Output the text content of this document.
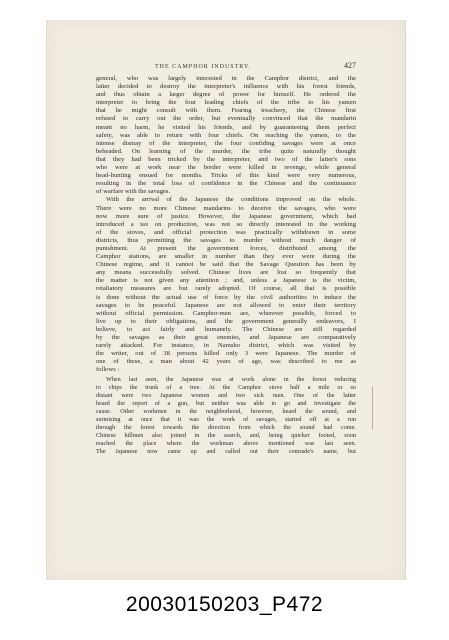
THE CAMPHOR INDUSTRY.	427
general, who was largely interested in the Camphor district, and the
latter decided to destroy the interpreter's influence with his forest friends,
and thus obtain a larger degree of power for himself. He ordered the
interpreter to bring the four leading chiefs of the tribe to his yamen
that he might consult with them. Fearing treachery, the Chinese first
refused to carry out the order, but eventually convinced that the mandarin
meant no harm, he visited his friends, and by guaranteeing them perfect
safety, was able to return with four chiefs. On reaching the yamen, to the
intense dismay of the interpreter, the four confiding savages were at once
beheaded. On learning of the murder, the tribe quite naturally thought
that they had been tricked by the interpreter, and two of the latter's sons
who were at work near the border were killed in revenge, while general
head-hunting ensued for months. Tricks of this kind were very numerous,
resulting in the total loss of confidence in the Chinese and the continuance
of warfare with the savages.
With the arrival of the Japanese the conditions improved on the whole.
There were no more Chinese mandarins to deceive the savages, who were
now more sure of justice. However, the Japanese government, which had
introduced a tax on production, was not so directly interested in the working
of the stoves, and official protection was practically withdrawn in some
districts, thus permitting the savages to murder without much danger of
punishment. At present the government forces, distributed among the
Camphor stations, are smaller in number than they ever were during the
Chinese regime, and it cannot be said that the Savage Question has been by
any means successfully solved. Chinese lives are lost so frequently that
the matter is not given any attention ; and, unless a Japanese is the victim,
retaliatory measures are but rarely adopted. Of course, all that is possible
is done without the actual use of force by the civil authorities to induce the
savages to be peaceful. Japanese are not allowed to enter their territory
without official permission. Camphor-men are, wherever possible, forced to
live up to their obligations, and the government generally endeavors, I
believe, to act fairly and humanely. The Chinese are still regarded
by the savages as their great enemies, and Japanese are comparatively
rarely attacked. For instance, in Namsho district, which was visited by
the writer, out of 38 persons killed only 3 were Japanese. The murder of
one of these, a man about 42 years of age, was described to me as
follows :
When last seen, the Japanese was at work alone in the forest reducing
to chips the trunk of a tree. At the Camphor stove half a mile or so
distant were two Japanese women and two sick men. One of the latter
heard the report of a gun, but neither was able to go and investigate the
cause. Other workmen in the neighborhood, however, heard the sound, and
surmising at once that it was the work of savages, started off at a run
through the forest towards the direction from which the sound had come.
Chinese hillmen also joined in the search, and, being quicker footed, soon
reached the place where the workman above mentioned was last seen.
The Japanese now came up and called out their comrade's name, but
20030150203_P472
